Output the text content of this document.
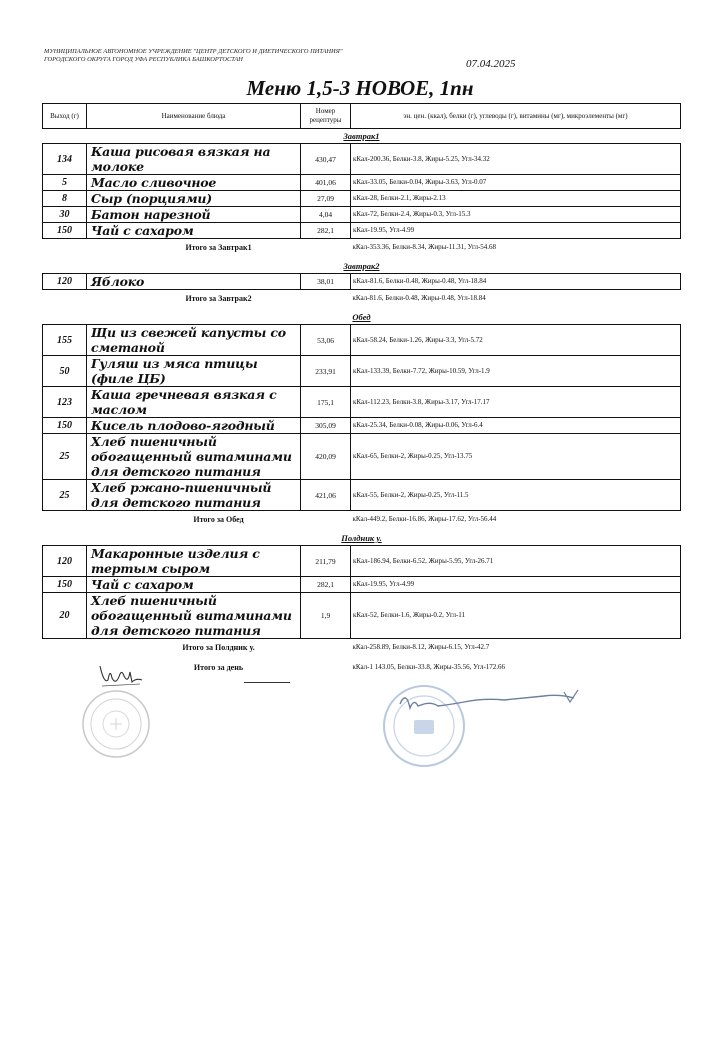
МУНИЦИПАЛЬНОЕ АВТОНОМНОЕ УЧРЕЖДЕНИЕ "ЦЕНТР ДЕТСКОГО И ДИЕТИЧЕСКОГО ПИТАНИЯ" ГОРОДСКОГО ОКРУГА ГОРОД УФА РЕСПУБЛИКА БАШКОРТОСТАН	07.04.2025
Меню 1,5-3 НОВОЕ, 1пн
Выход (г)	Наименование блюда	Номер рецептуры	эн. цен. (ккал), белки (г), углеводы (г), витамины (мг), микроэлементы (мг)
Завтрак1			
134	Каша рисовая вязкая на молоке	430,47	кКал-200.36, Белки-3.8, Жиры-5.25, Угл-34.32
5	Масло сливочное	401,06	кКал-33.05, Белки-0.04, Жиры-3.63, Угл-0.07
8	Сыр (порциями)	27,09	кКал-28, Белки-2.1, Жиры-2.13
30	Батон нарезной	4,04	кКал-72, Белки-2.4, Жиры-0.3, Угл-15.3
150	Чай с сахаром	282,1	кКал-19.95, Угл-4.99
	Итого за Завтрак1		кКал-353.36, Белки-8.34, Жиры-11.31, Угл-54.68

Завтрак2			
120	Яблоко	38,01	кКал-81.6, Белки-0.48, Жиры-0.48, Угл-18.84
	Итого за Завтрак2		кКал-81.6, Белки-0.48, Жиры-0.48, Угл-18.84

Обед			
155	Щи из свежей капусты со сметаной	53,06	кКал-58.24, Белки-1.26, Жиры-3.3, Угл-5.72
50	Гуляш из мяса птицы (филе ЦБ)	233,91	кКал-133.39, Белки-7.72, Жиры-10.59, Угл-1.9
123	Каша гречневая вязкая с маслом	175,1	кКал-112.23, Белки-3.8, Жиры-3.17, Угл-17.17
150	Кисель плодово-ягодный	305,09	кКал-25.34, Белки-0.08, Жиры-0.06, Угл-6.4
25	Хлеб пшеничный обогащенный витаминами для детского питания	420,09	кКал-65, Белки-2, Жиры-0.25, Угл-13.75
25	Хлеб ржано-пшеничный для детского питания	421,06	кКал-55, Белки-2, Жиры-0.25, Угл-11.5
	Итого за Обед		кКал-449.2, Белки-16.86, Жиры-17.62, Угл-56.44

Полдник у.			
120	Макаронные изделия с тертым сыром	211,79	кКал-186.94, Белки-6.52, Жиры-5.95, Угл-26.71
150	Чай с сахаром	282,1	кКал-19.95, Угл-4.99
20	Хлеб пшеничный обогащенный витаминами для детского питания	1,9	кКал-52, Белки-1.6, Жиры-0.2, Угл-11
	Итого за Полдник у.		кКал-258.89, Белки-8.12, Жиры-6.15, Угл-42.7

	Итого за день		кКал-1 143.05, Белки-33.8, Жиры-35.56, Угл-172.66
